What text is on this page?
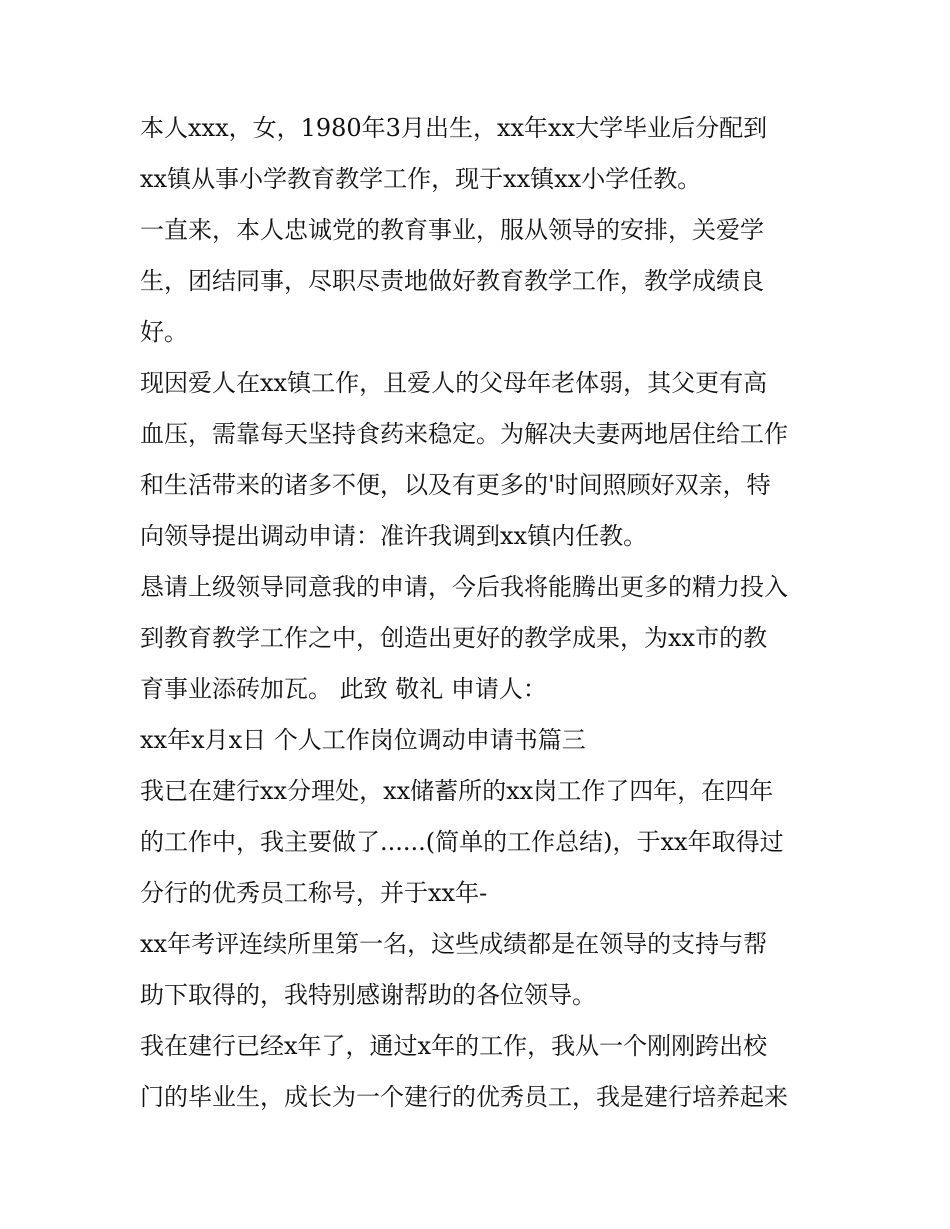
本人xxx，女，1980年3月出生，xx年xx大学毕业后分配到
xx镇从事小学教育教学工作，现于xx镇xx小学任教。
一直来，本人忠诚党的教育事业，服从领导的安排，关爱学
生，团结同事，尽职尽责地做好教育教学工作，教学成绩良
好。
现因爱人在xx镇工作，且爱人的父母年老体弱，其父更有高
血压，需靠每天坚持食药来稳定。为解决夫妻两地居住给工作
和生活带来的诸多不便，以及有更多的'时间照顾好双亲，特
向领导提出调动申请：准许我调到xx镇内任教。
恳请上级领导同意我的申请，今后我将能腾出更多的精力投入
到教育教学工作之中，创造出更好的教学成果，为xx市的教
育事业添砖加瓦。 此致 敬礼 申请人：
xx年x月x日 个人工作岗位调动申请书篇三
我已在建行xx分理处，xx储蓄所的xx岗工作了四年，在四年
的工作中，我主要做了......(简单的工作总结)，于xx年取得过
分行的优秀员工称号，并于xx年-
xx年考评连续所里第一名，这些成绩都是在领导的支持与帮
助下取得的，我特别感谢帮助的各位领导。
我在建行已经x年了，通过x年的工作，我从一个刚刚跨出校
门的毕业生，成长为一个建行的优秀员工，我是建行培养起来
